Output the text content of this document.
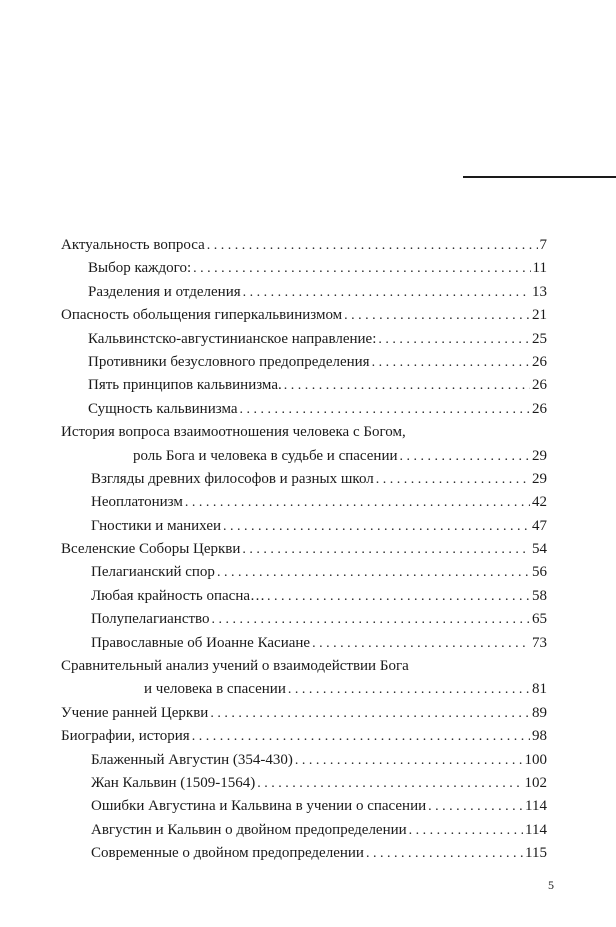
Актуальность вопроса . . .	7
Выбор каждого: . . .	11
Разделения и отделения . . .	13
Опасность обольщения гиперкальвинизмом . . .	21
Кальвинстско-августинианское направление: . . .	25
Противники безусловного предопределения . . .	26
Пять принципов кальвинизма. . . .	26
Сущность кальвинизма . . .	26
История вопроса взаимоотношения человека с Богом,
роль Бога и человека в судьбе и спасении . . .	29
Взгляды древних философов и разных школ . . .	29
Неоплатонизм . . .	42
Гностики и манихеи . . .	47
Вселенские Соборы Церкви . . .	54
Пелагианский спор . . .	56
Любая крайность опасна… . . .	58
Полупелагианство . . .	65
Православные об Иоанне Касиане . . .	73
Сравнительный анализ учений о взаимодействии Бога
и человека в спасении . . .	81
Учение ранней Церкви . . .	89
Биографии, история . . .	98
Блаженный Августин (354-430) . . .	100
Жан Кальвин (1509-1564) . . .	102
Ошибки Августина и Кальвина в учении о спасении . . .	114
Августин и Кальвин о двойном предопределении . . .	114
Современные о двойном предопределении . . .	115
5
